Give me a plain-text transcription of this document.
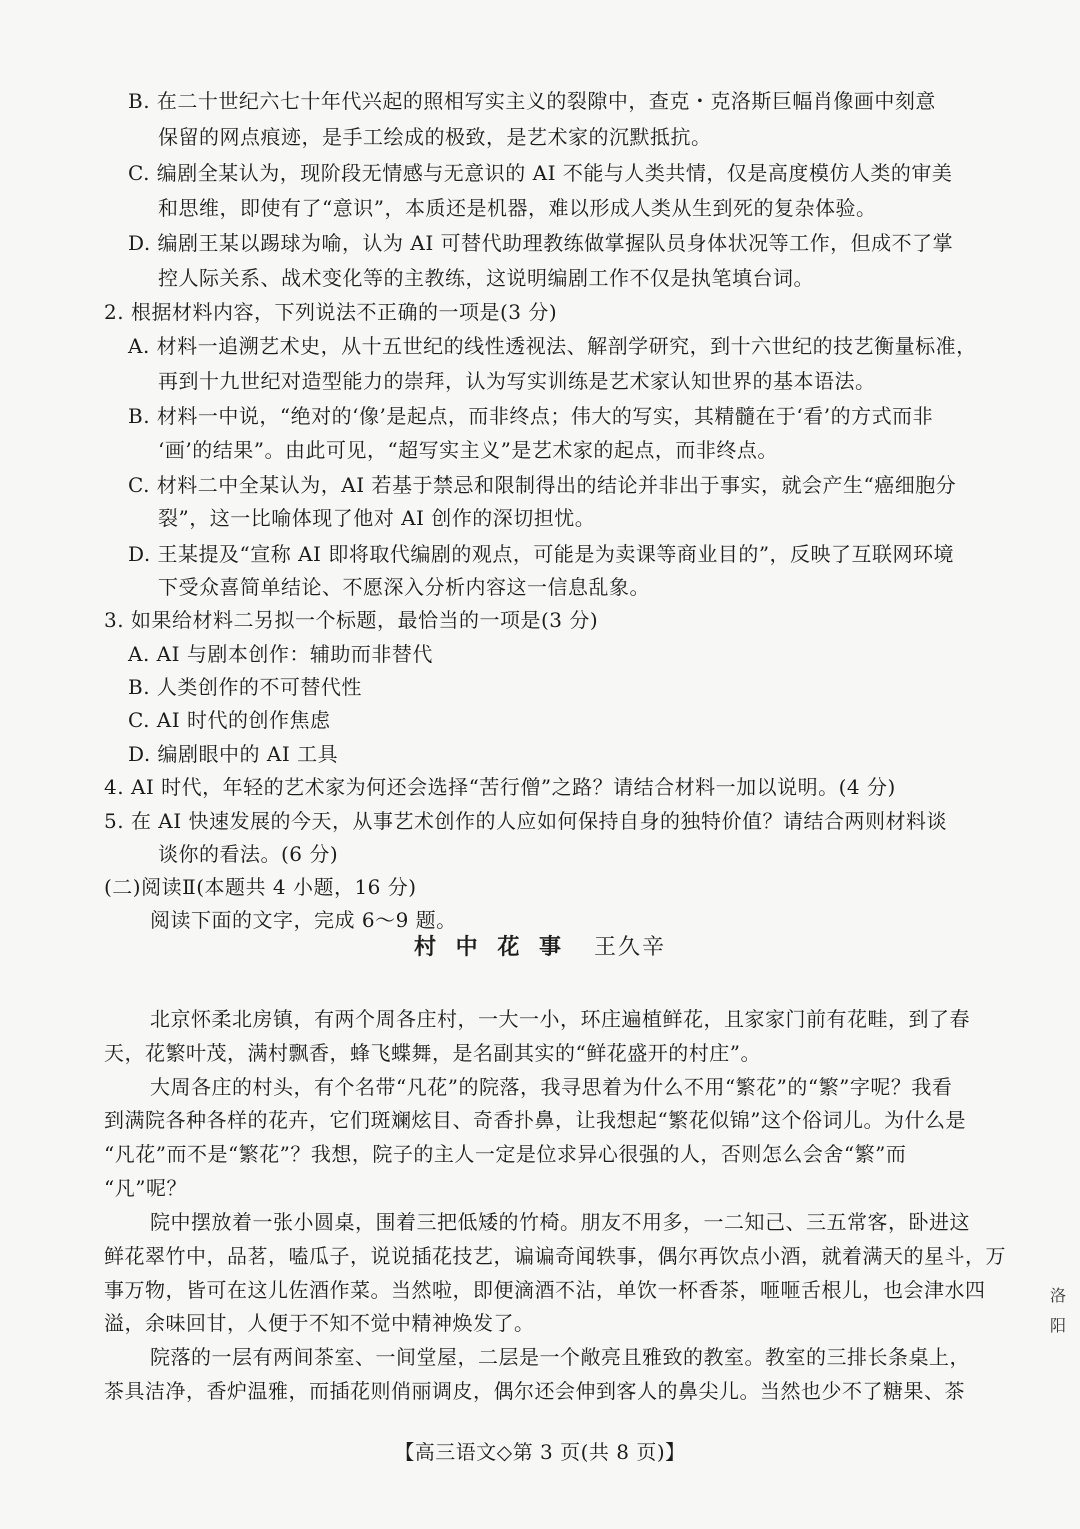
B. 在二十世纪六七十年代兴起的照相写实主义的裂隙中，查克・克洛斯巨幅肖像画中刻意

保留的网点痕迹，是手工绘成的极致，是艺术家的沉默抵抗。

C. 编剧全某认为，现阶段无情感与无意识的 AI 不能与人类共情，仅是高度模仿人类的审美

和思维，即使有了“意识”，本质还是机器，难以形成人类从生到死的复杂体验。

D. 编剧王某以踢球为喻，认为 AI 可替代助理教练做掌握队员身体状况等工作，但成不了掌

控人际关系、战术变化等的主教练，这说明编剧工作不仅是执笔填台词。

2. 根据材料内容，下列说法不正确的一项是(3 分)

A. 材料一追溯艺术史，从十五世纪的线性透视法、解剖学研究，到十六世纪的技艺衡量标准，

再到十九世纪对造型能力的崇拜，认为写实训练是艺术家认知世界的基本语法。

B. 材料一中说，“绝对的‘像’是起点，而非终点；伟大的写实，其精髓在于‘看’的方式而非

‘画’的结果”。由此可见，“超写实主义”是艺术家的起点，而非终点。

C. 材料二中全某认为，AI 若基于禁忌和限制得出的结论并非出于事实，就会产生“癌细胞分

裂”，这一比喻体现了他对 AI 创作的深切担忧。

D. 王某提及“宣称 AI 即将取代编剧的观点，可能是为卖课等商业目的”，反映了互联网环境

下受众喜简单结论、不愿深入分析内容这一信息乱象。

3. 如果给材料二另拟一个标题，最恰当的一项是(3 分)

A. AI 与剧本创作：辅助而非替代

B. 人类创作的不可替代性

C. AI 时代的创作焦虑

D. 编剧眼中的 AI 工具

4. AI 时代，年轻的艺术家为何还会选择“苦行僧”之路？请结合材料一加以说明。(4 分)

5. 在 AI 快速发展的今天，从事艺术创作的人应如何保持自身的独特价值？请结合两则材料谈

谈你的看法。(6 分)

(二)阅读Ⅱ(本题共 4 小题，16 分)

阅读下面的文字，完成 6～9 题。

村 中 花 事 王久辛

北京怀柔北房镇，有两个周各庄村，一大一小，环庄遍植鲜花，且家家门前有花畦，到了春

天，花繁叶茂，满村飘香，蜂飞蝶舞，是名副其实的“鲜花盛开的村庄”。

大周各庄的村头，有个名带“凡花”的院落，我寻思着为什么不用“繁花”的“繁”字呢？我看

到满院各种各样的花卉，它们斑斓炫目、奇香扑鼻，让我想起“繁花似锦”这个俗词儿。为什么是

“凡花”而不是“繁花”？我想，院子的主人一定是位求异心很强的人，否则怎么会舍“繁”而

“凡”呢？

院中摆放着一张小圆桌，围着三把低矮的竹椅。朋友不用多，一二知己、三五常客，卧进这

鲜花翠竹中，品茗，嗑瓜子，说说插花技艺，谝谝奇闻轶事，偶尔再饮点小酒，就着满天的星斗，万

事万物，皆可在这儿佐酒作菜。当然啦，即便滴酒不沾，单饮一杯香茶，咂咂舌根儿，也会津水四

溢，余味回甘，人便于不知不觉中精神焕发了。

院落的一层有两间茶室、一间堂屋，二层是一个敞亮且雅致的教室。教室的三排长条桌上，

茶具洁净，香炉温雅，而插花则俏丽调皮，偶尔还会伸到客人的鼻尖儿。当然也少不了糖果、茶

【高三语文◇第 3 页(共 8 页)】
洛
阳
